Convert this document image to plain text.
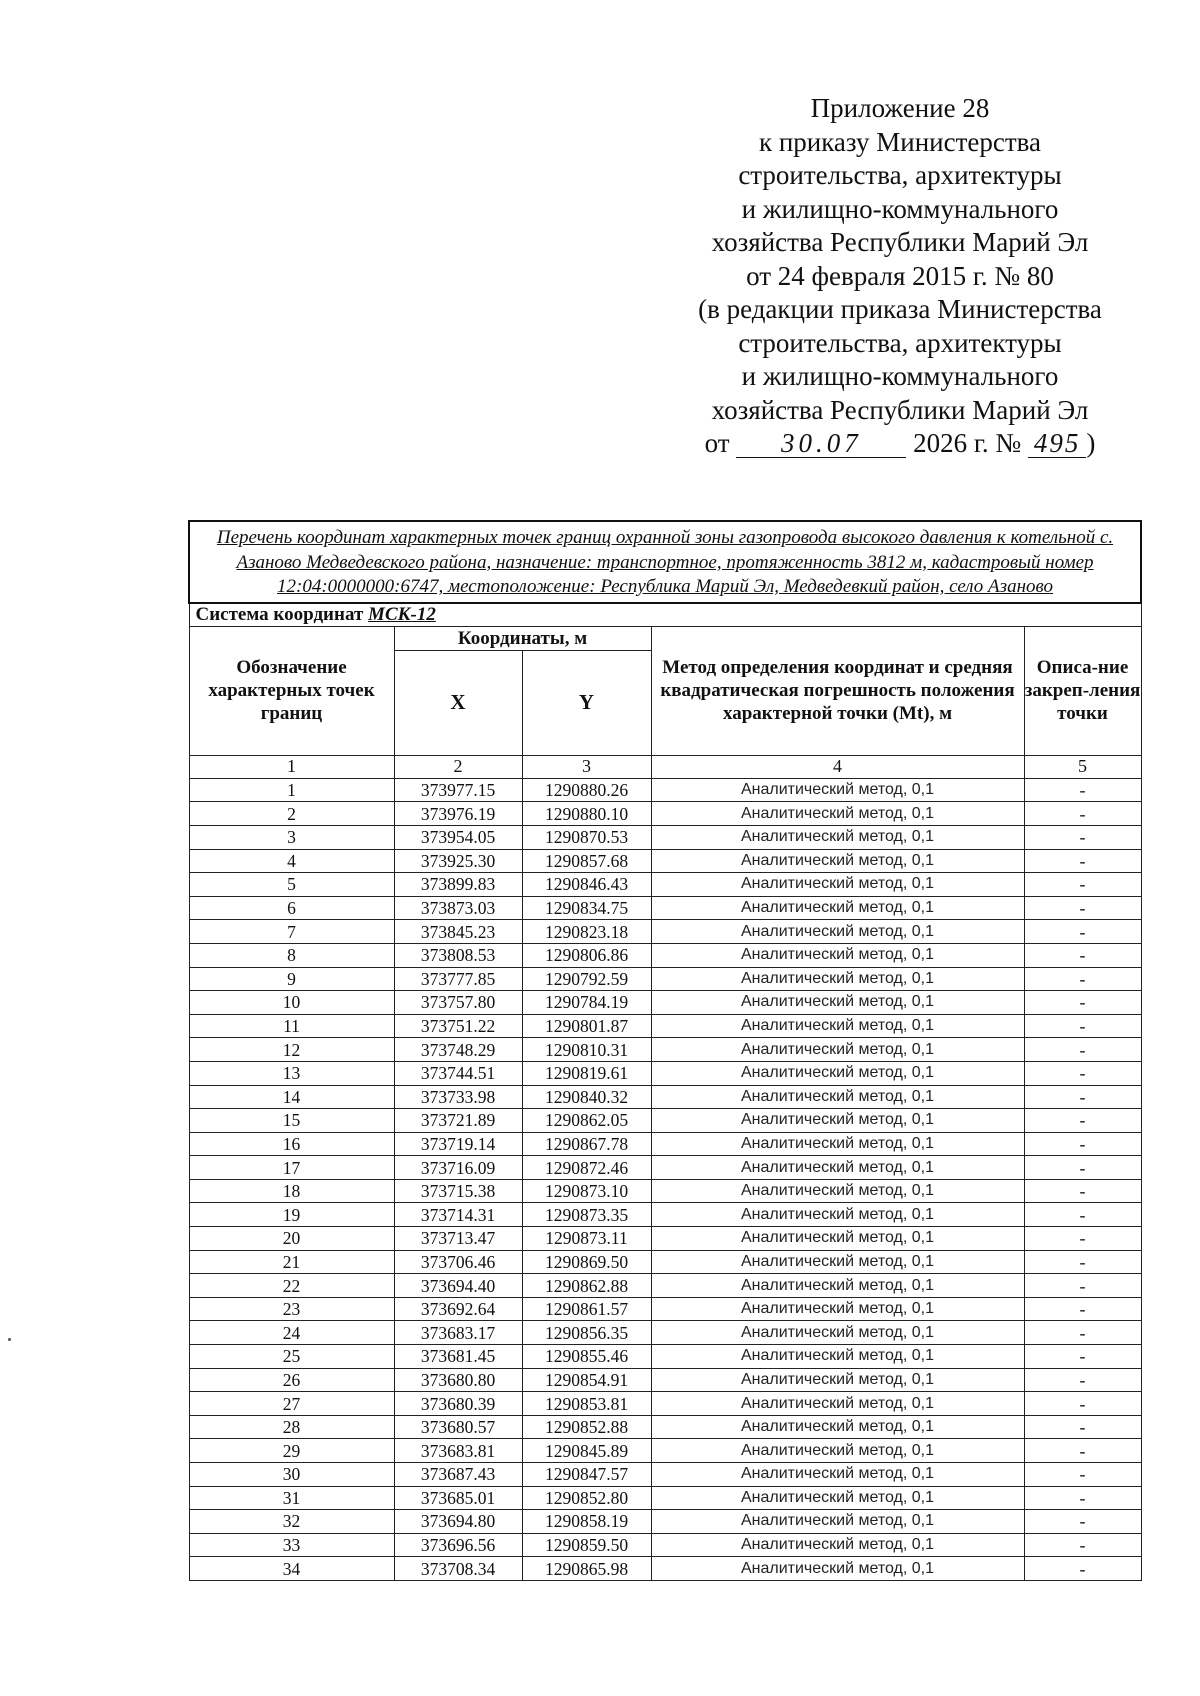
Приложение 28
к приказу Министерства
строительства, архитектуры
и жилищно-коммунального
хозяйства Республики Марий Эл
от 24 февраля 2015 г. № 80
(в редакции приказа Министерства
строительства, архитектуры
и жилищно-коммунального
хозяйства Республики Марий Эл
от 30.07 2026 г. № 495 )
Перечень координат характерных точек границ охранной зоны газопровода высокого давления к котельной с. Азаново Медведевского района, назначение: транспортное, протяженность 3812 м, кадастровый номер 12:04:0000000:6747, местоположение: Республика Марий Эл, Медведевкий район, село Азаново				
Система координат МСК-12				
Обозначение характерных точек границ	Координаты, м		Метод определения координат и средняя квадратическая погрешность положения характерной точки (Mt), м	Описа-ние закреп-ления точки
	X	Y		
1	2	3	4	5
1	373977.15	1290880.26	Аналитический метод, 0,1	-
2	373976.19	1290880.10	Аналитический метод, 0,1	-
3	373954.05	1290870.53	Аналитический метод, 0,1	-
4	373925.30	1290857.68	Аналитический метод, 0,1	-
5	373899.83	1290846.43	Аналитический метод, 0,1	-
6	373873.03	1290834.75	Аналитический метод, 0,1	-
7	373845.23	1290823.18	Аналитический метод, 0,1	-
8	373808.53	1290806.86	Аналитический метод, 0,1	-
9	373777.85	1290792.59	Аналитический метод, 0,1	-
10	373757.80	1290784.19	Аналитический метод, 0,1	-
11	373751.22	1290801.87	Аналитический метод, 0,1	-
12	373748.29	1290810.31	Аналитический метод, 0,1	-
13	373744.51	1290819.61	Аналитический метод, 0,1	-
14	373733.98	1290840.32	Аналитический метод, 0,1	-
15	373721.89	1290862.05	Аналитический метод, 0,1	-
16	373719.14	1290867.78	Аналитический метод, 0,1	-
17	373716.09	1290872.46	Аналитический метод, 0,1	-
18	373715.38	1290873.10	Аналитический метод, 0,1	-
19	373714.31	1290873.35	Аналитический метод, 0,1	-
20	373713.47	1290873.11	Аналитический метод, 0,1	-
21	373706.46	1290869.50	Аналитический метод, 0,1	-
22	373694.40	1290862.88	Аналитический метод, 0,1	-
23	373692.64	1290861.57	Аналитический метод, 0,1	-
24	373683.17	1290856.35	Аналитический метод, 0,1	-
25	373681.45	1290855.46	Аналитический метод, 0,1	-
26	373680.80	1290854.91	Аналитический метод, 0,1	-
27	373680.39	1290853.81	Аналитический метод, 0,1	-
28	373680.57	1290852.88	Аналитический метод, 0,1	-
29	373683.81	1290845.89	Аналитический метод, 0,1	-
30	373687.43	1290847.57	Аналитический метод, 0,1	-
31	373685.01	1290852.80	Аналитический метод, 0,1	-
32	373694.80	1290858.19	Аналитический метод, 0,1	-
33	373696.56	1290859.50	Аналитический метод, 0,1	-
34	373708.34	1290865.98	Аналитический метод, 0,1	-
